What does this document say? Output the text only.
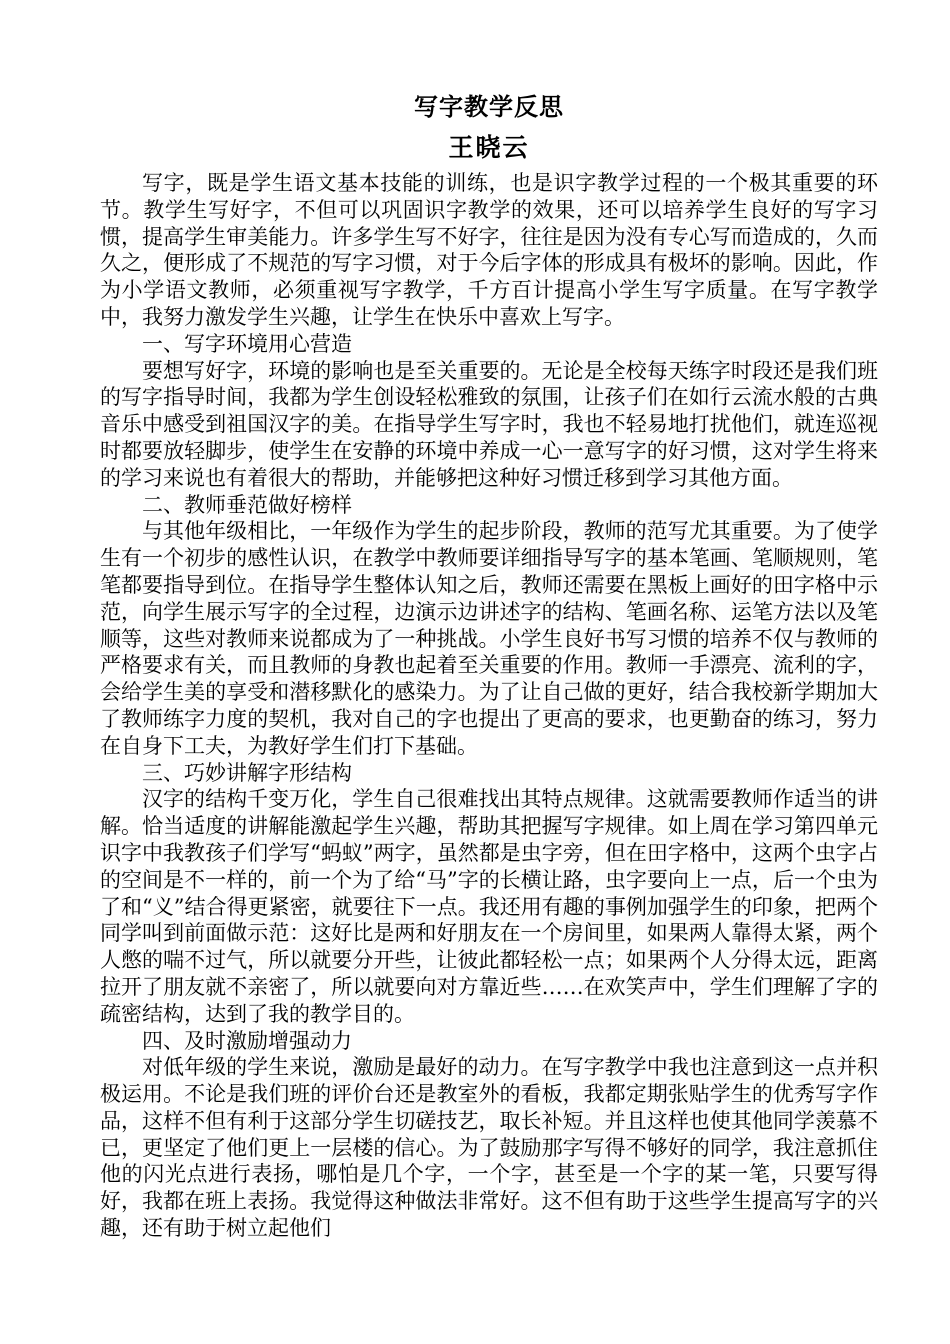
写字教学反思
王晓云

写字，既是学生语文基本技能的训练，也是识字教学过程的一个极其重要的环节。教学生写好字，不但可以巩固识字教学的效果，还可以培养学生良好的写字习惯，提高学生审美能力。许多学生写不好字，往往是因为没有专心写而造成的，久而久之，便形成了不规范的写字习惯，对于今后字体的形成具有极坏的影响。因此，作为小学语文教师，必须重视写字教学，千方百计提高小学生写字质量。在写字教学中，我努力激发学生兴趣，让学生在快乐中喜欢上写字。

一、写字环境用心营造

要想写好字，环境的影响也是至关重要的。无论是全校每天练字时段还是我们班的写字指导时间，我都为学生创设轻松雅致的氛围，让孩子们在如行云流水般的古典音乐中感受到祖国汉字的美。在指导学生写字时，我也不轻易地打扰他们，就连巡视时都要放轻脚步，使学生在安静的环境中养成一心一意写字的好习惯，这对学生将来的学习来说也有着很大的帮助，并能够把这种好习惯迁移到学习其他方面。

二、教师垂范做好榜样

与其他年级相比，一年级作为学生的起步阶段，教师的范写尤其重要。为了使学生有一个初步的感性认识，在教学中教师要详细指导写字的基本笔画、笔顺规则，笔笔都要指导到位。在指导学生整体认知之后，教师还需要在黑板上画好的田字格中示范，向学生展示写字的全过程，边演示边讲述字的结构、笔画名称、运笔方法以及笔顺等，这些对教师来说都成为了一种挑战。小学生良好书写习惯的培养不仅与教师的严格要求有关，而且教师的身教也起着至关重要的作用。教师一手漂亮、流利的字，会给学生美的享受和潜移默化的感染力。为了让自己做的更好，结合我校新学期加大了教师练字力度的契机，我对自己的字也提出了更高的要求，也更勤奋的练习，努力在自身下工夫，为教好学生们打下基础。

三、巧妙讲解字形结构

汉字的结构千变万化，学生自己很难找出其特点规律。这就需要教师作适当的讲解。恰当适度的讲解能激起学生兴趣，帮助其把握写字规律。如上周在学习第四单元识字中我教孩子们学写“蚂蚁”两字，虽然都是虫字旁，但在田字格中，这两个虫字占的空间是不一样的，前一个为了给“马”字的长横让路，虫字要向上一点，后一个虫为了和“义”结合得更紧密，就要往下一点。我还用有趣的事例加强学生的印象，把两个同学叫到前面做示范：这好比是两和好朋友在一个房间里，如果两人靠得太紧，两个人憋的喘不过气，所以就要分开些，让彼此都轻松一点；如果两个人分得太远，距离拉开了朋友就不亲密了，所以就要向对方靠近些……在欢笑声中，学生们理解了字的疏密结构，达到了我的教学目的。

四、及时激励增强动力

对低年级的学生来说，激励是最好的动力。在写字教学中我也注意到这一点并积极运用。不论是我们班的评价台还是教室外的看板，我都定期张贴学生的优秀写字作品，这样不但有利于这部分学生切磋技艺，取长补短。并且这样也使其他同学羡慕不已，更坚定了他们更上一层楼的信心。为了鼓励那字写得不够好的同学，我注意抓住他的闪光点进行表扬，哪怕是几个字，一个字，甚至是一个字的某一笔，只要写得好，我都在班上表扬。我觉得这种做法非常好。这不但有助于这些学生提高写字的兴趣，还有助于树立起他们
